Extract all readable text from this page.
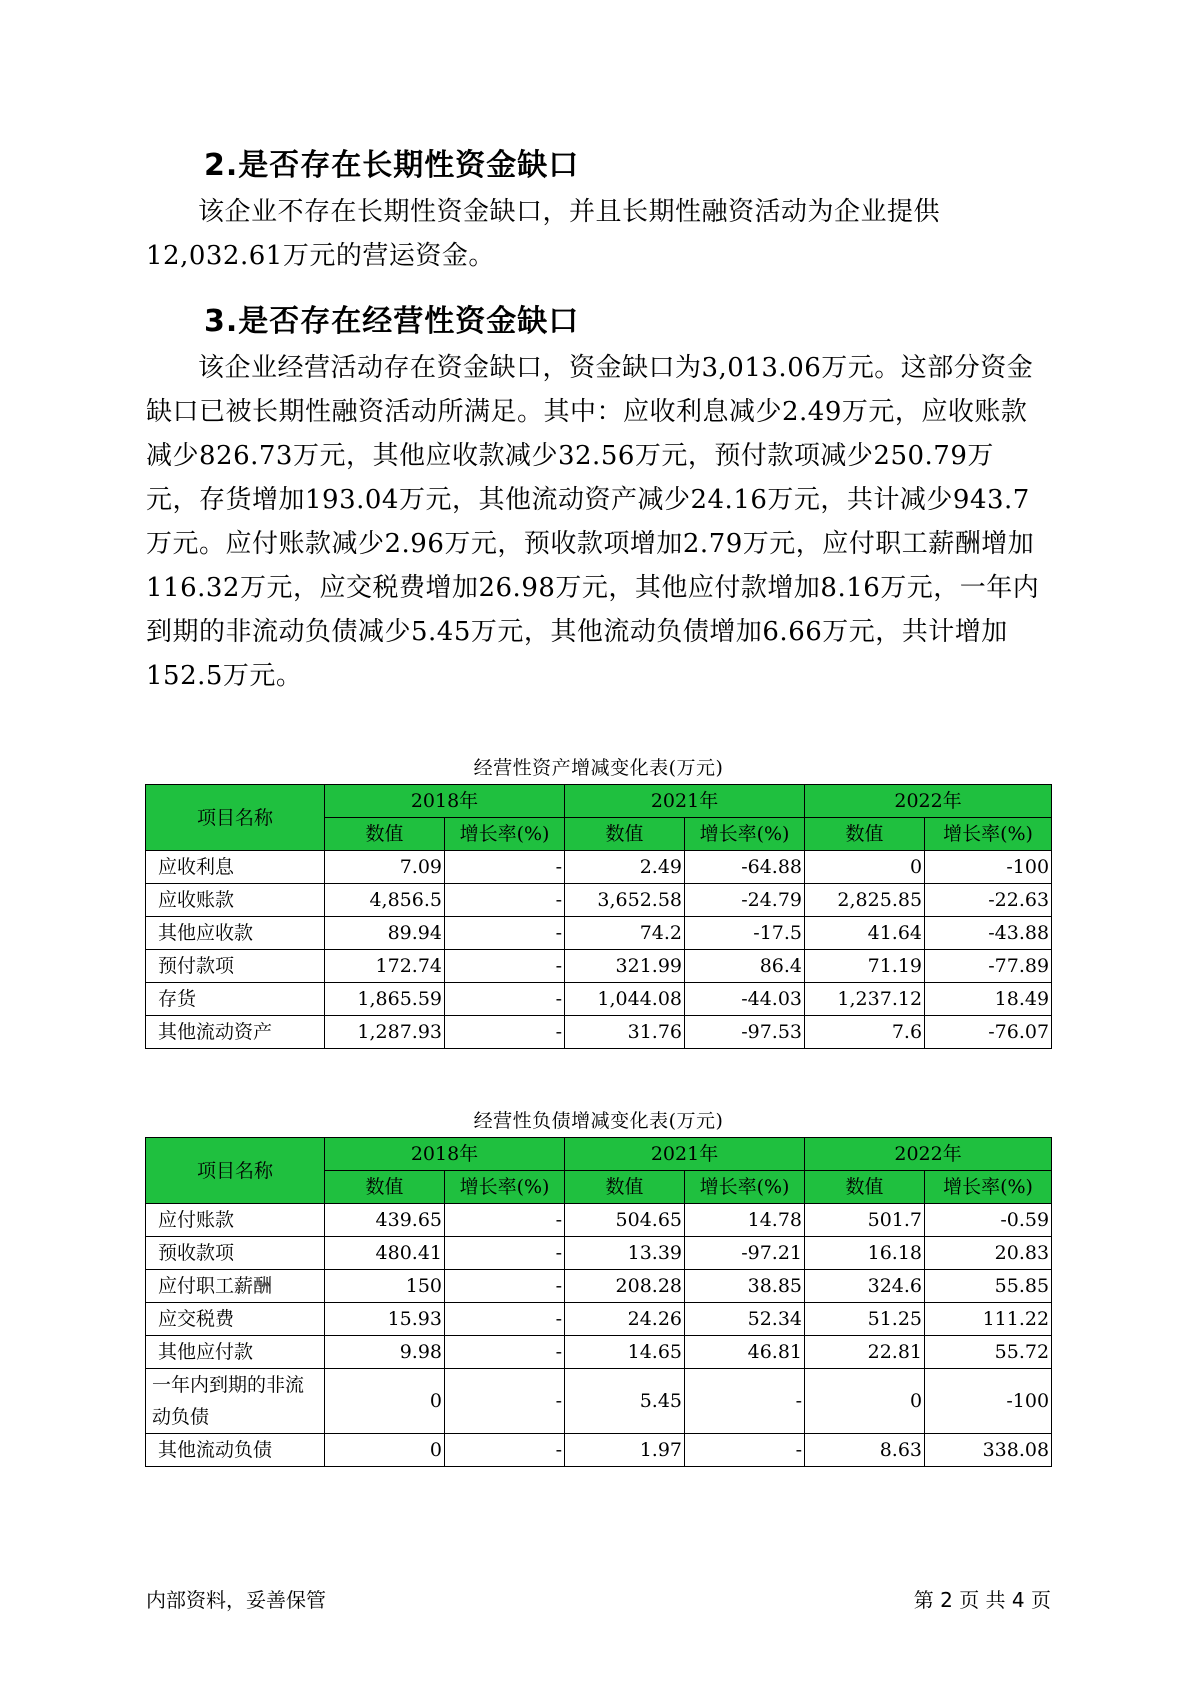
2.是否存在长期性资金缺口

该企业不存在长期性资金缺口，并且长期性融资活动为企业提供12,032.61万元的营运资金。

3.是否存在经营性资金缺口

该企业经营活动存在资金缺口，资金缺口为3,013.06万元。这部分资金缺口已被长期性融资活动所满足。其中：应收利息减少2.49万元，应收账款减少826.73万元，其他应收款减少32.56万元，预付款项减少250.79万元，存货增加193.04万元，其他流动资产减少24.16万元，共计减少943.7万元。应付账款减少2.96万元，预收款项增加2.79万元，应付职工薪酬增加116.32万元，应交税费增加26.98万元，其他应付款增加8.16万元，一年内到期的非流动负债减少5.45万元，其他流动负债增加6.66万元，共计增加152.5万元。

经营性资产增减变化表(万元)
项目名称	2018年		2021年		2022年	
	数值	增长率(%)	数值	增长率(%)	数值	增长率(%)
应收利息	7.09	-	2.49	-64.88	0	-100
应收账款	4,856.5	-	3,652.58	-24.79	2,825.85	-22.63
其他应收款	89.94	-	74.2	-17.5	41.64	-43.88
预付款项	172.74	-	321.99	86.4	71.19	-77.89
存货	1,865.59	-	1,044.08	-44.03	1,237.12	18.49
其他流动资产	1,287.93	-	31.76	-97.53	7.6	-76.07
经营性负债增减变化表(万元)
项目名称	2018年		2021年		2022年	
	数值	增长率(%)	数值	增长率(%)	数值	增长率(%)
应付账款	439.65	-	504.65	14.78	501.7	-0.59
预收款项	480.41	-	13.39	-97.21	16.18	20.83
应付职工薪酬	150	-	208.28	38.85	324.6	55.85
应交税费	15.93	-	24.26	52.34	51.25	111.22
其他应付款	9.98	-	14.65	46.81	22.81	55.72
一年内到期的非流动负债	0	-	5.45	-	0	-100
其他流动负债	0	-	1.97	-	8.63	338.08
内部资料，妥善保管	第 2 页 共 4 页
